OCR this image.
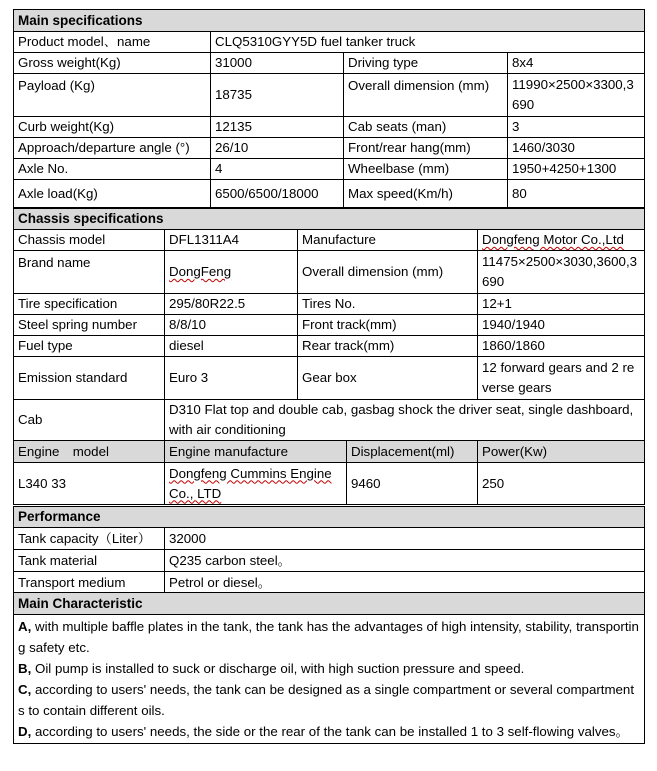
Main specifications			
Product model、name	CLQ5310GYY5D fuel tanker truck		
Gross weight(Kg)	31000	Driving type	8x4
Payload (Kg)	18735	Overall dimension (mm)	11990×2500×3300,3690
Curb weight(Kg)	12135	Cab seats (man)	3
Approach/departure angle (°)	26/10	Front/rear hang(mm)	1460/3030
Axle No.	4	Wheelbase (mm)	1950+4250+1300
Axle load(Kg)	6500/6500/18000	Max speed(Km/h)	80
Chassis specifications				
Chassis model	DFL1311A4	Manufacture		Dongfeng Motor Co.,Ltd
Brand name	DongFeng	Overall dimension (mm)		11475×2500×3030,3600,3690
Tire specification	295/80R22.5	Tires No.		12+1
Steel spring number	8/8/10	Front track(mm)		1940/1940
Fuel type	diesel	Rear track(mm)		1860/1860
Emission standard	Euro 3	Gear box		12 forward gears and 2 reverse gears
Cab	D310 Flat top and double cab, gasbag shock the driver seat, single dashboard, with air conditioning			
Engine　model	Engine manufacture		Displacement(ml)	Power(Kw)
L340 33	Dongfeng Cummins Engine Co., LTD		9460	250
Performance	
Tank capacity（Liter）	32000
Tank material	Q235 carbon steel。
Transport medium	Petrol or diesel。
Main Characteristic

A, with multiple baffle plates in the tank, the tank has the advantages of high intensity, stability, transporting safety etc.
B, Oil pump is installed to suck or discharge oil, with high suction pressure and speed.
C, according to users' needs, the tank can be designed as a single compartment or several compartments to contain different oils.
D, according to users' needs, the side or the rear of the tank can be installed 1 to 3 self-flowing valves。
